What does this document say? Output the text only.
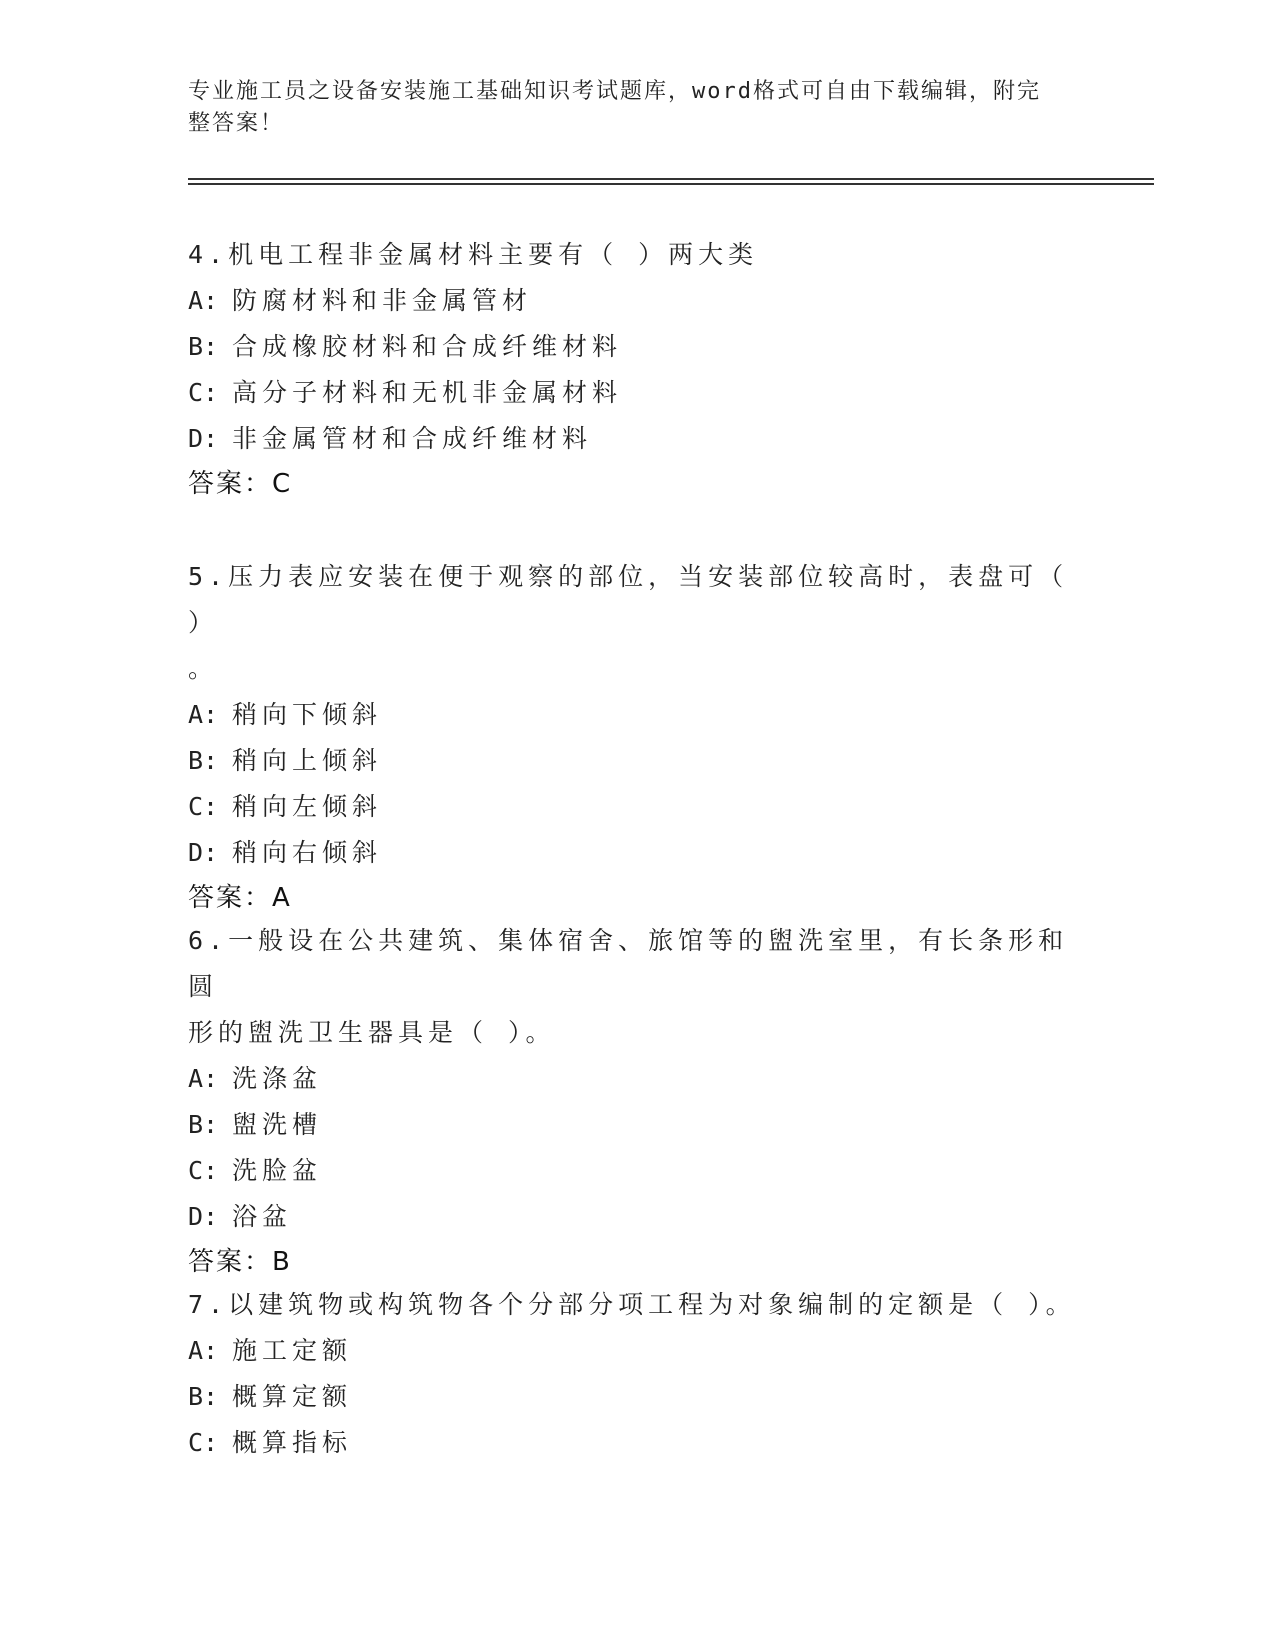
专业施工员之设备安装施工基础知识考试题库，word格式可自由下载编辑，附完
整答案！

4.机电工程非金属材料主要有（ ）两大类

A: 防腐材料和非金属管材

B: 合成橡胶材料和合成纤维材料

C: 高分子材料和无机非金属材料

D: 非金属管材和合成纤维材料

答案：C

5.压力表应安装在便于观察的部位，当安装部位较高时，表盘可（ ）

。

A: 稍向下倾斜

B: 稍向上倾斜

C: 稍向左倾斜

D: 稍向右倾斜

答案：A

6.一般设在公共建筑、集体宿舍、旅馆等的盥洗室里，有长条形和圆

形的盥洗卫生器具是（ ）。

A: 洗涤盆

B: 盥洗槽

C: 洗脸盆

D: 浴盆

答案：B

7.以建筑物或构筑物各个分部分项工程为对象编制的定额是（ ）。

A: 施工定额

B: 概算定额

C: 概算指标
